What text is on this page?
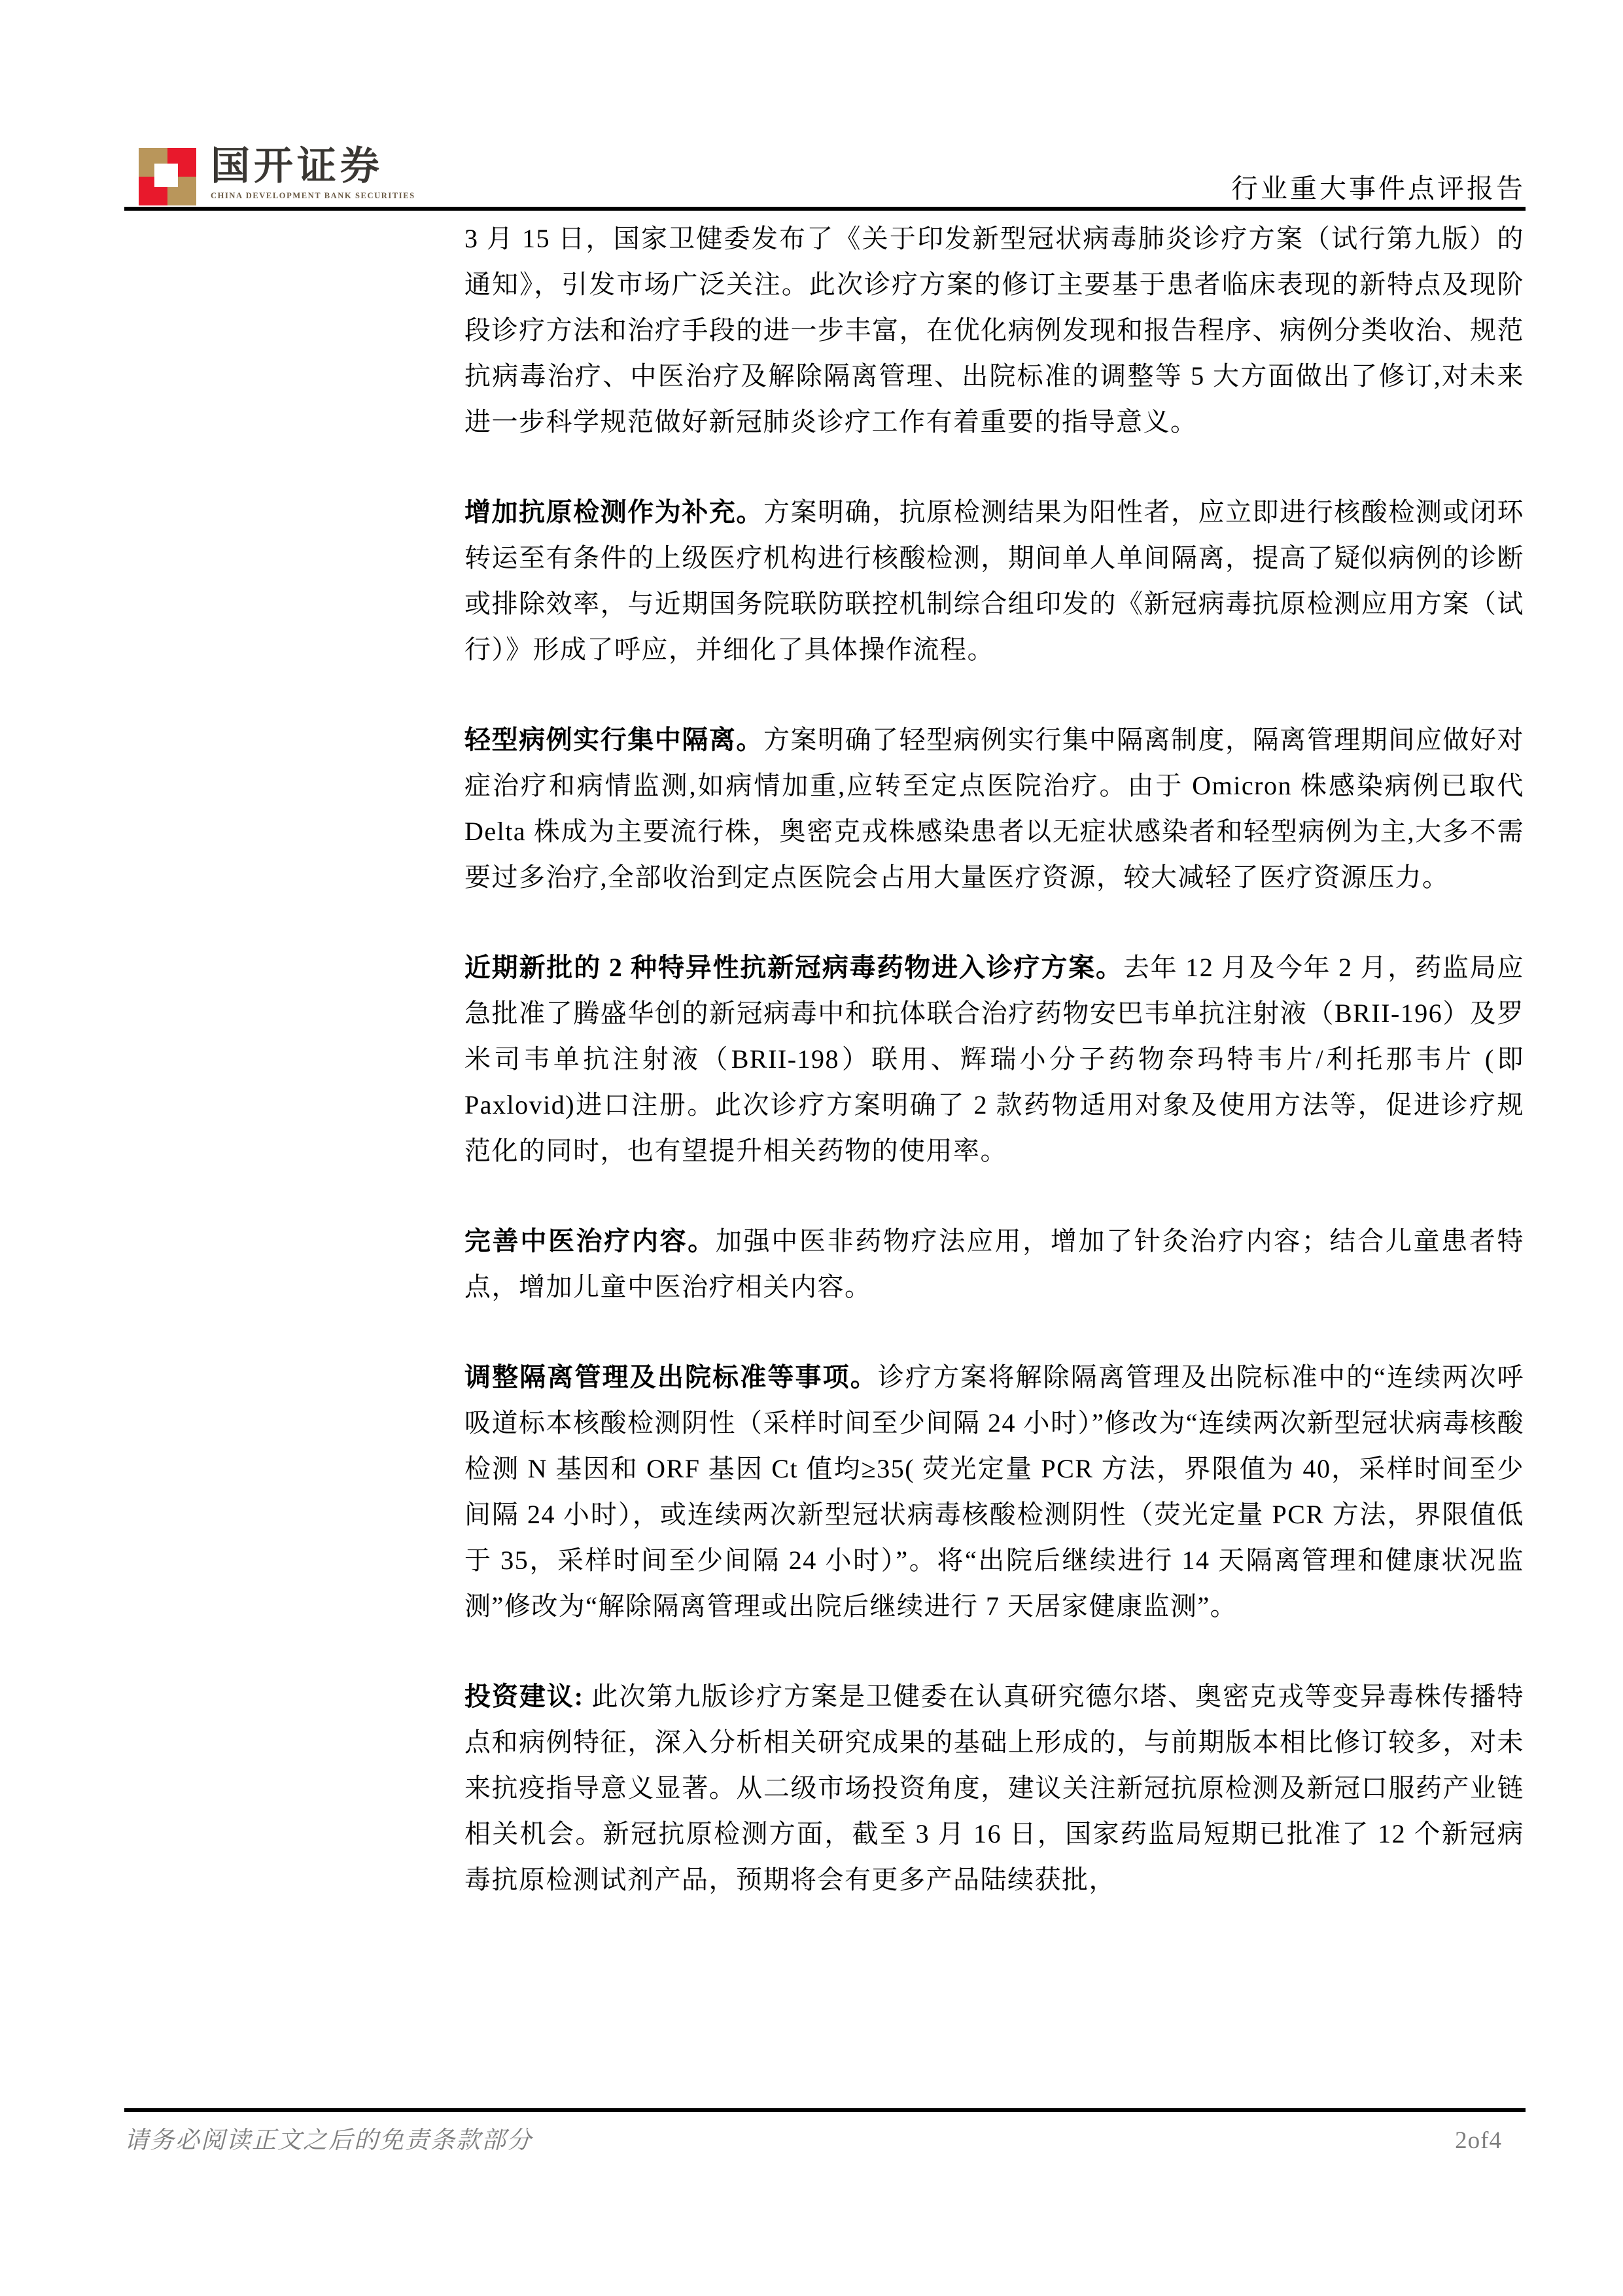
国开证券
CHINA DEVELOPMENT BANK SECURITIES	行业重大事件点评报告

3 月 15 日，国家卫健委发布了《关于印发新型冠状病毒肺炎诊疗方案（试行第九版）的通知》，引发市场广泛关注。此次诊疗方案的修订主要基于患者临床表现的新特点及现阶段诊疗方法和治疗手段的进一步丰富，在优化病例发现和报告程序、病例分类收治、规范抗病毒治疗、中医治疗及解除隔离管理、出院标准的调整等 5 大方面做出了修订,对未来进一步科学规范做好新冠肺炎诊疗工作有着重要的指导意义。

增加抗原检测作为补充。方案明确，抗原检测结果为阳性者，应立即进行核酸检测或闭环转运至有条件的上级医疗机构进行核酸检测，期间单人单间隔离，提高了疑似病例的诊断或排除效率，与近期国务院联防联控机制综合组印发的《新冠病毒抗原检测应用方案（试行）》形成了呼应，并细化了具体操作流程。

轻型病例实行集中隔离。方案明确了轻型病例实行集中隔离制度，隔离管理期间应做好对症治疗和病情监测,如病情加重,应转至定点医院治疗。由于 Omicron 株感染病例已取代 Delta 株成为主要流行株，奥密克戎株感染患者以无症状感染者和轻型病例为主,大多不需要过多治疗,全部收治到定点医院会占用大量医疗资源，较大减轻了医疗资源压力。

近期新批的 2 种特异性抗新冠病毒药物进入诊疗方案。去年 12 月及今年 2 月，药监局应急批准了腾盛华创的新冠病毒中和抗体联合治疗药物安巴韦单抗注射液（BRII-196）及罗米司韦单抗注射液（BRII-198）联用、辉瑞小分子药物奈玛特韦片/利托那韦片 (即 Paxlovid)进口注册。此次诊疗方案明确了 2 款药物适用对象及使用方法等，促进诊疗规范化的同时，也有望提升相关药物的使用率。

完善中医治疗内容。加强中医非药物疗法应用，增加了针灸治疗内容；结合儿童患者特点，增加儿童中医治疗相关内容。

调整隔离管理及出院标准等事项。诊疗方案将解除隔离管理及出院标准中的“连续两次呼吸道标本核酸检测阴性（采样时间至少间隔 24 小时）”修改为“连续两次新型冠状病毒核酸检测 N 基因和 ORF 基因 Ct 值均≥35( 荧光定量 PCR 方法，界限值为 40，采样时间至少间隔 24 小时），或连续两次新型冠状病毒核酸检测阴性（荧光定量 PCR 方法，界限值低于 35，采样时间至少间隔 24 小时）”。将“出院后继续进行 14 天隔离管理和健康状况监测”修改为“解除隔离管理或出院后继续进行 7 天居家健康监测”。

投资建议: 此次第九版诊疗方案是卫健委在认真研究德尔塔、奥密克戎等变异毒株传播特点和病例特征，深入分析相关研究成果的基础上形成的，与前期版本相比修订较多，对未来抗疫指导意义显著。从二级市场投资角度，建议关注新冠抗原检测及新冠口服药产业链相关机会。新冠抗原检测方面，截至 3 月 16 日，国家药监局短期已批准了 12 个新冠病毒抗原检测试剂产品，预期将会有更多产品陆续获批，

请务必阅读正文之后的免责条款部分	2of4
